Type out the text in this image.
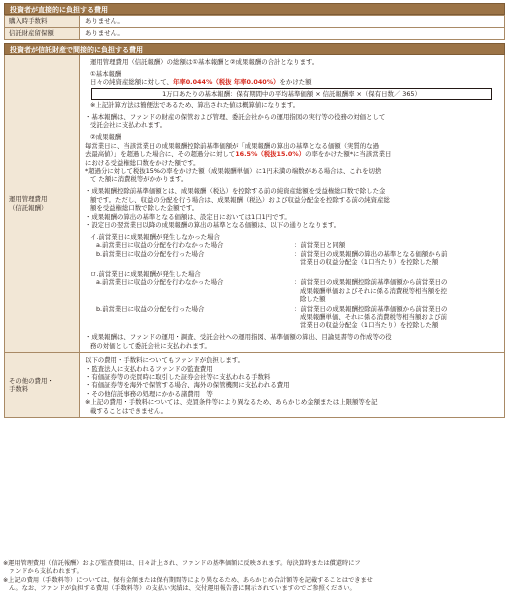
投資者が直接的に負担する費用
購入時手数料	ありません。
信託財産留保額	ありません。
投資者が信託財産で間接的に負担する費用

運用管理費用

（信託報酬）

運用管理費用（信託報酬）の総額は①基本報酬と②成果報酬の合計となります。

①基本報酬

日々の純資産総額に対して、年率0.044%（税抜 年率0.040%）をかけた額

1万口あたりの基本報酬：保有期間中の平均基準価額 × 信託報酬率 ×（保有日数／ 365）

※上記計算方法は簡便法であるため、算出された値は概算値になります。

・基本報酬は、ファンドの財産の保管および管理、委託会社からの運用指図の実行等の役務の対価として

受託会社に支払われます。

②成果報酬

毎営業日に、当該営業日の成果報酬控除前基準価額が「成果報酬の算出の基準となる価額（実質的な過

去最高値）」を超過した場合に、その超過分に対して16.5%（税抜15.0%）の率をかけた額*に当該営業日

における受益権総口数をかけた額です。

*超過分に対して税抜15%の率をかけた額（成果報酬単価）に1円未満の端数がある場合は、これを切捨

て た額に消費税等がかかります。

・成果報酬控除前基準価額とは、成果報酬（税込）を控除する前の純資産総額を受益権総口数で除した金

額です。ただし、収益の分配を行う場合は、成果報酬（税込）および収益分配金を控除する前の純資産総

額を受益権総口数で除した金額です。

・成果報酬の算出の基準となる価額は、設定日においては1口1円です。

・設定日の翌営業日以降の成果報酬の算出の基準となる価額は、以下の通りとなります。

イ.前営業日に成果報酬が発生しなかった場合

a.前営業日に収益の分配を行わなかった場合	：前営業日と同額
b.前営業日に収益の分配を行った場合	：前営業日の成果報酬の算出の基準となる価額から前
営業日の収益分配金（1口当たり）を控除した額

ロ.前営業日に成果報酬が発生した場合

a.前営業日に収益の分配を行わなかった場合	：前営業日の成果報酬控除前基準価額から前営業日の
成果報酬単価およびそれに係る消費税等相当額を控
除した額
b.前営業日に収益の分配を行った場合	：前営業日の成果報酬控除前基準価額から前営業日の
成果報酬単価、それに係る消費税等相当額および前
営業日の収益分配金（1口当たり）を控除した額

・成果報酬は、ファンドの運用・調査、受託会社への運用指図、基準価額の算出、目論見書等の作成等の役

務の対価として委託会社に支払われます。

その他の費用・

手数料

以下の費用・手数料についてもファンドが負担します。

・監査法人に支払われるファンドの監査費用

・有価証券等の売買時に取引した証券会社等に支払われる手数料

・有価証券等を海外で保管する場合、海外の保管機関に支払われる費用

・その他信託事務の処理にかかる諸費用　等

※上記の費用・手数料については、売買条件等により異なるため、あらかじめ金額または上限額等を記

載することはできません。

※運用管理費用（信託報酬）および監査費用は、日々計上され、ファンドの基準価額に反映されます。毎決算時または償還時にフ
ァンドから支払われます。

※上記の費用（手数料等）については、保有金額または保有期間等により異なるため、あらかじめ合計額等を記載することはできませ
ん。なお、ファンドが負担する費用（手数料等）の支払い実績は、交付運用報告書に開示されていますのでご参照ください。
